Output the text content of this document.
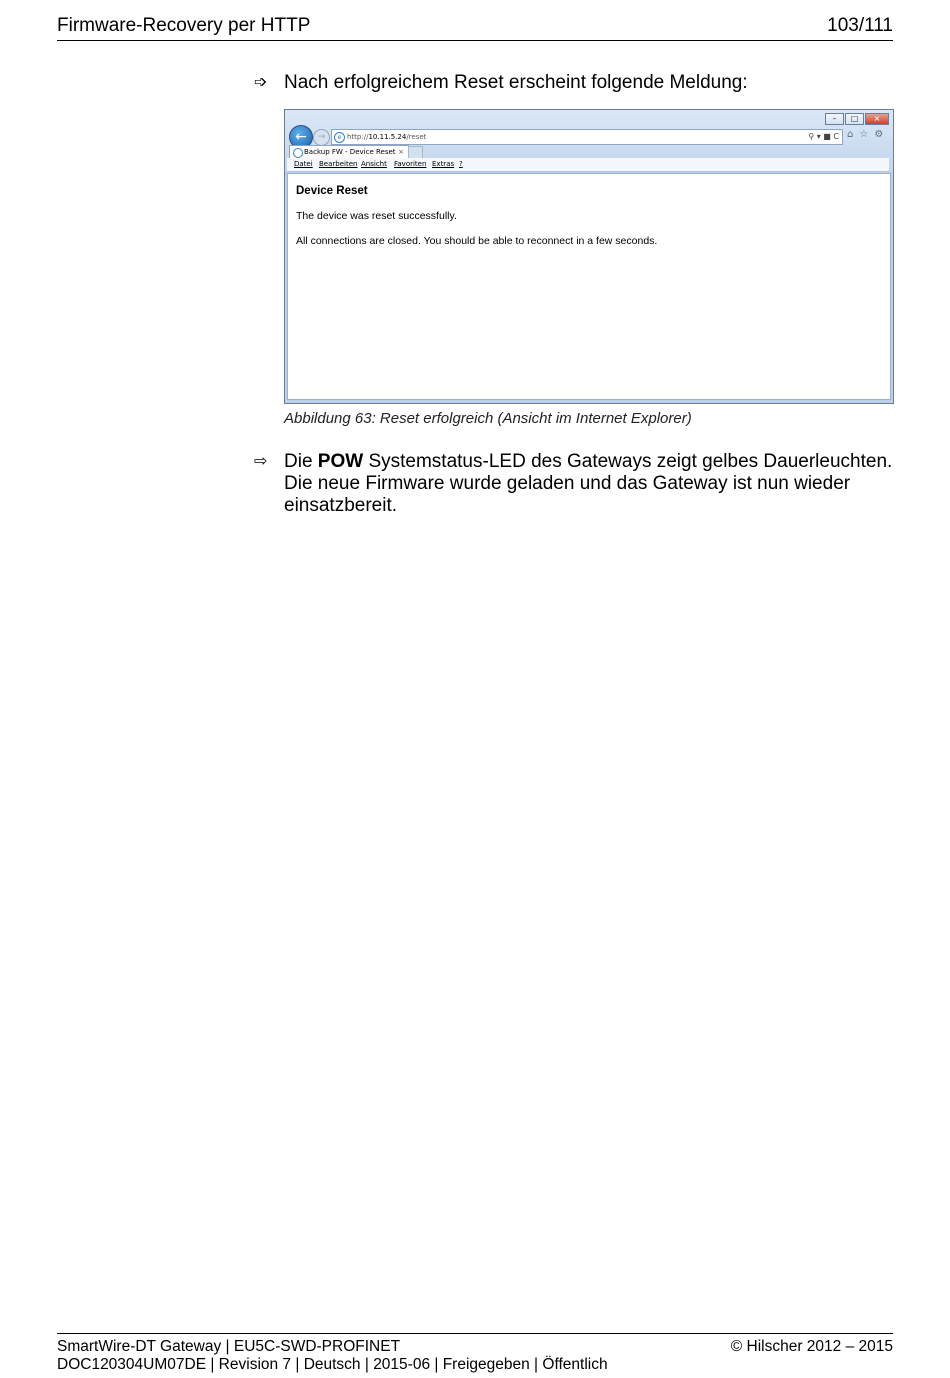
Firmware-Recovery per HTTP	103/111
➩ Nach erfolgreichem Reset erscheint folgende Meldung:
–	□	×
←	→	e http://10.11.5.24/reset	⚲ ▾ ■ C ⌂ ☆ ⚙
Backup FW - Device Reset ×
Datei Bearbeiten Ansicht Favoriten Extras ?
Device Reset
The device was reset successfully.
All connections are closed. You should be able to reconnect in a few seconds.
Abbildung 63: Reset erfolgreich (Ansicht im Internet Explorer)
⇨ Die POW Systemstatus-LED des Gateways zeigt gelbes Dauerleuchten. Die neue Firmware wurde geladen und das Gateway ist nun wieder einsatzbereit.
SmartWire-DT Gateway | EU5C-SWD-PROFINET	© Hilscher 2012 – 2015
DOC120304UM07DE | Revision 7 | Deutsch | 2015-06 | Freigegeben | Öffentlich
